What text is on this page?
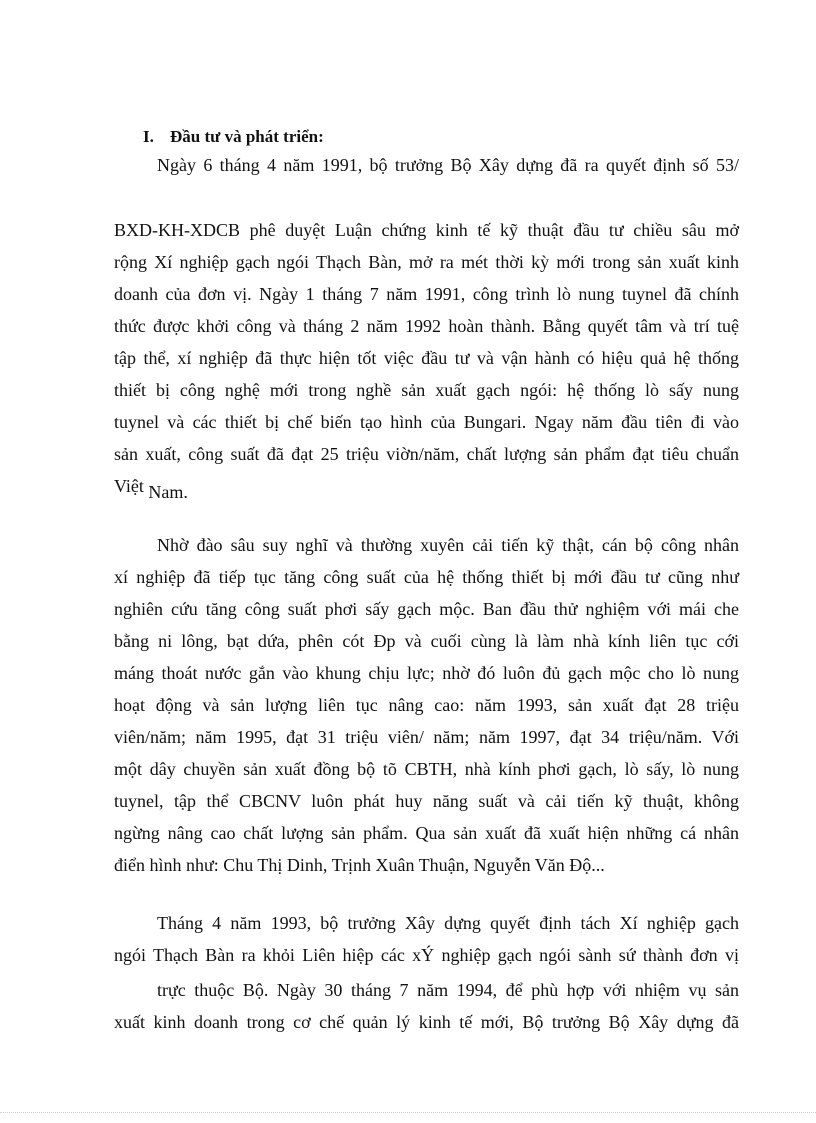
I. Đầu tư và phát triển:
Ngày 6 tháng 4 năm 1991, bộ trưởng Bộ Xây dựng đã ra quyết định số 53/
BXD-KH-XDCB phê duyệt Luận chứng kinh tế kỹ thuật đầu tư chiều sâu mở
rộng Xí nghiệp gạch ngói Thạch Bàn, mở ra mét thời kỳ mới trong sản xuất kinh
doanh của đơn vị. Ngày 1 tháng 7 năm 1991, công trình lò nung tuynel đã chính
thức được khởi công và tháng 2 năm 1992 hoàn thành. Bằng quyết tâm và trí tuệ
tập thể, xí nghiệp đã thực hiện tốt việc đầu tư và vận hành có hiệu quả hệ thống
thiết bị công nghệ mới trong nghề sản xuất gạch ngói: hệ thống lò sấy nung
tuynel và các thiết bị chế biến tạo hình của Bungari. Ngay năm đầu tiên đi vào
sản xuất, công suất đã đạt 25 triệu viờn/năm, chất lượng sản phẩm đạt tiêu chuẩn
Việt Nam.
Nhờ đào sâu suy nghĩ và thường xuyên cải tiến kỹ thật, cán bộ công nhân
xí nghiệp đã tiếp tục tăng công suất của hệ thống thiết bị mới đầu tư cũng như
nghiên cứu tăng công suất phơi sấy gạch mộc. Ban đầu thử nghiệm với mái che
bằng ni lông, bạt dứa, phên cót Đp và cuối cùng là làm nhà kính liên tục cới
máng thoát nước gắn vào khung chịu lực; nhờ đó luôn đủ gạch mộc cho lò nung
hoạt động và sản lượng liên tục nâng cao: năm 1993, sản xuất đạt 28 triệu
viên/năm; năm 1995, đạt 31 triệu viên/ năm; năm 1997, đạt 34 triệu/năm. Với
một dây chuyền sản xuất đồng bộ tõ CBTH, nhà kính phơi gạch, lò sấy, lò nung
tuynel, tập thể CBCNV luôn phát huy năng suất và cải tiến kỹ thuật, không
ngừng nâng cao chất lượng sản phẩm. Qua sản xuất đã xuất hiện những cá nhân
điển hình như: Chu Thị Dinh, Trịnh Xuân Thuận, Nguyễn Văn Độ...
Tháng 4 năm 1993, bộ trưởng Xây dựng quyết định tách Xí nghiệp gạch
ngói Thạch Bàn ra khỏi Liên hiệp các xÝ nghiệp gạch ngói sành sứ thành đơn vị
trực thuộc Bộ. Ngày 30 tháng 7 năm 1994, để phù hợp với nhiệm vụ sản
xuất kinh doanh trong cơ chế quản lý kinh tế mới, Bộ trưởng Bộ Xây dựng đã
